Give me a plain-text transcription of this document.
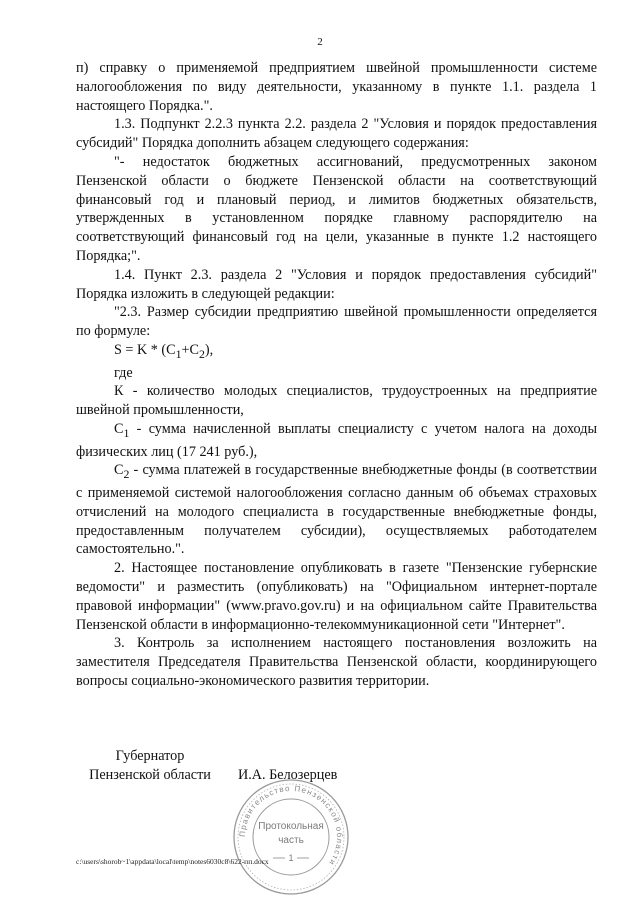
2

п) справку о применяемой предприятием швейной промышленности системе налогообложения по виду деятельности, указанному в пункте 1.1. раздела 1 настоящего Порядка.".

1.3. Подпункт 2.2.3 пункта 2.2. раздела 2 "Условия и порядок предоставления субсидий" Порядка дополнить абзацем следующего содержания:

"- недостаток бюджетных ассигнований, предусмотренных законом Пензенской области о бюджете Пензенской области на соответствующий финансовый год и плановый период, и лимитов бюджетных обязательств, утвержденных в установленном порядке главному распорядителю на соответствующий финансовый год на цели, указанные в пункте 1.2 настоящего Порядка;".

1.4. Пункт 2.3. раздела 2 "Условия и порядок предоставления субсидий" Порядка изложить в следующей редакции:

"2.3. Размер субсидии предприятию швейной промышленности определяется по формуле:

$S = K * (C_1+C_2)$,

где

К - количество молодых специалистов, трудоустроенных на предприятие швейной промышленности,

$С_1$ - сумма начисленной выплаты специалисту с учетом налога на доходы физических лиц (17 241 руб.),

$С_2$ - сумма платежей в государственные внебюджетные фонды (в соответствии с применяемой системой налогообложения согласно данным об объемах страховых отчислений на молодого специалиста в государственные внебюджетные фонды, предоставленным получателем субсидии), осуществляемых работодателем самостоятельно.".

2. Настоящее постановление опубликовать в газете "Пензенские губернские ведомости" и разместить (опубликовать) на "Официальном интернет-портале правовой информации" (www.pravo.gov.ru) и на официальном сайте Правительства Пензенской области в информационно-телекоммуникационной сети "Интернет".

3. Контроль за исполнением настоящего постановления возложить на заместителя Председателя Правительства Пензенской области, координирующего вопросы социально-экономического развития территории.

Губернатор
Пензенской области
Правительство Пензенской области
Протокольная
часть
1
И.А. Белозерцев
c:\users\shorob~1\appdata\local\temp\notes6030c8\622-пп.docx
